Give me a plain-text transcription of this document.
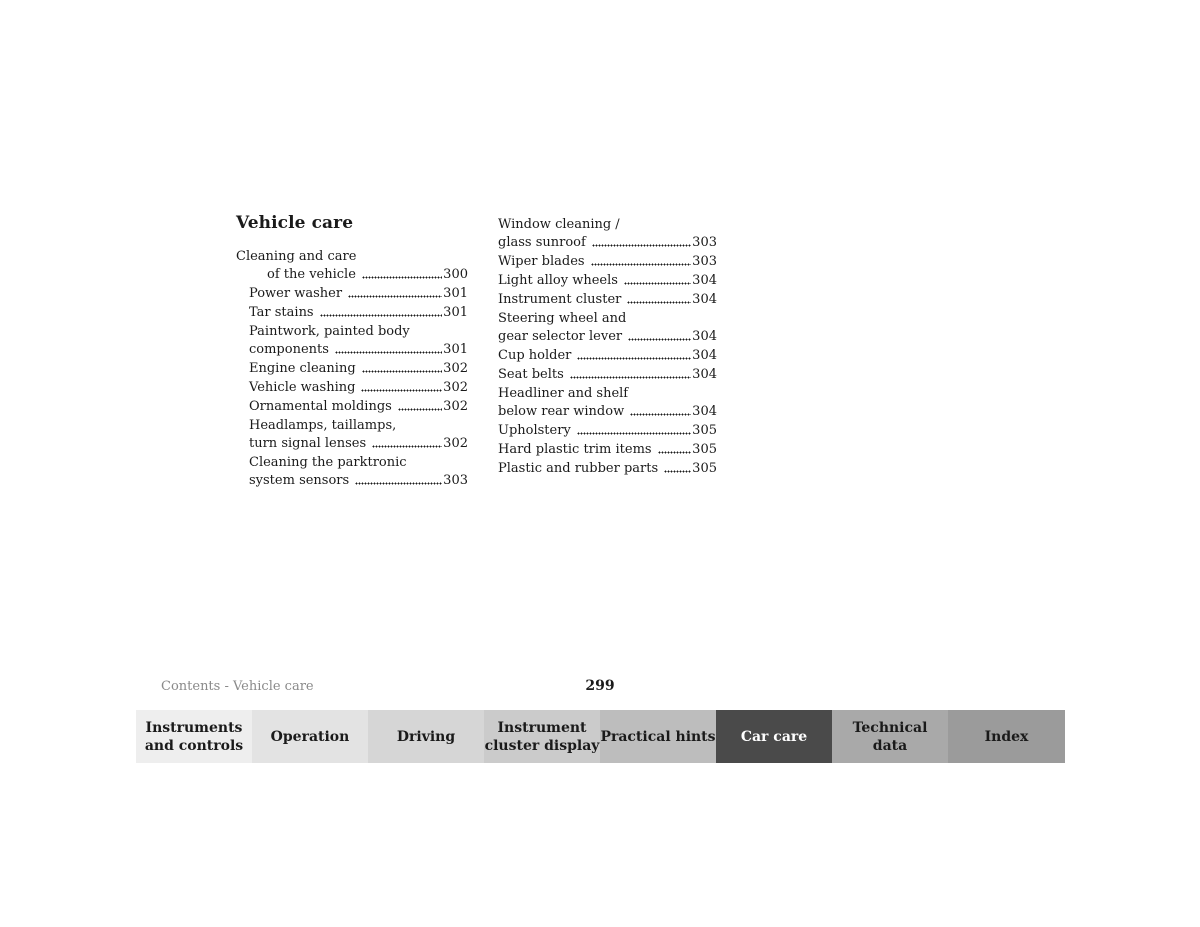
Vehicle care
Cleaning and care
of the vehicle	300
Power washer	301
Tar stains	301
Paintwork, painted body
components	301
Engine cleaning	302
Vehicle washing	302
Ornamental moldings	302
Headlamps, taillamps,
turn signal lenses	302
Cleaning the parktronic
system sensors	303
Window cleaning /
glass sunroof	303
Wiper blades	303
Light alloy wheels	304
Instrument cluster	304
Steering wheel and
gear selector lever	304
Cup holder	304
Seat belts	304
Headliner and shelf
below rear window	304
Upholstery	305
Hard plastic trim items	305
Plastic and rubber parts	305

Contents - Vehicle care	299

Instruments
and controls
Operation	Driving
Instrument
cluster display
Practical hints Car care
Technical
data
Index
